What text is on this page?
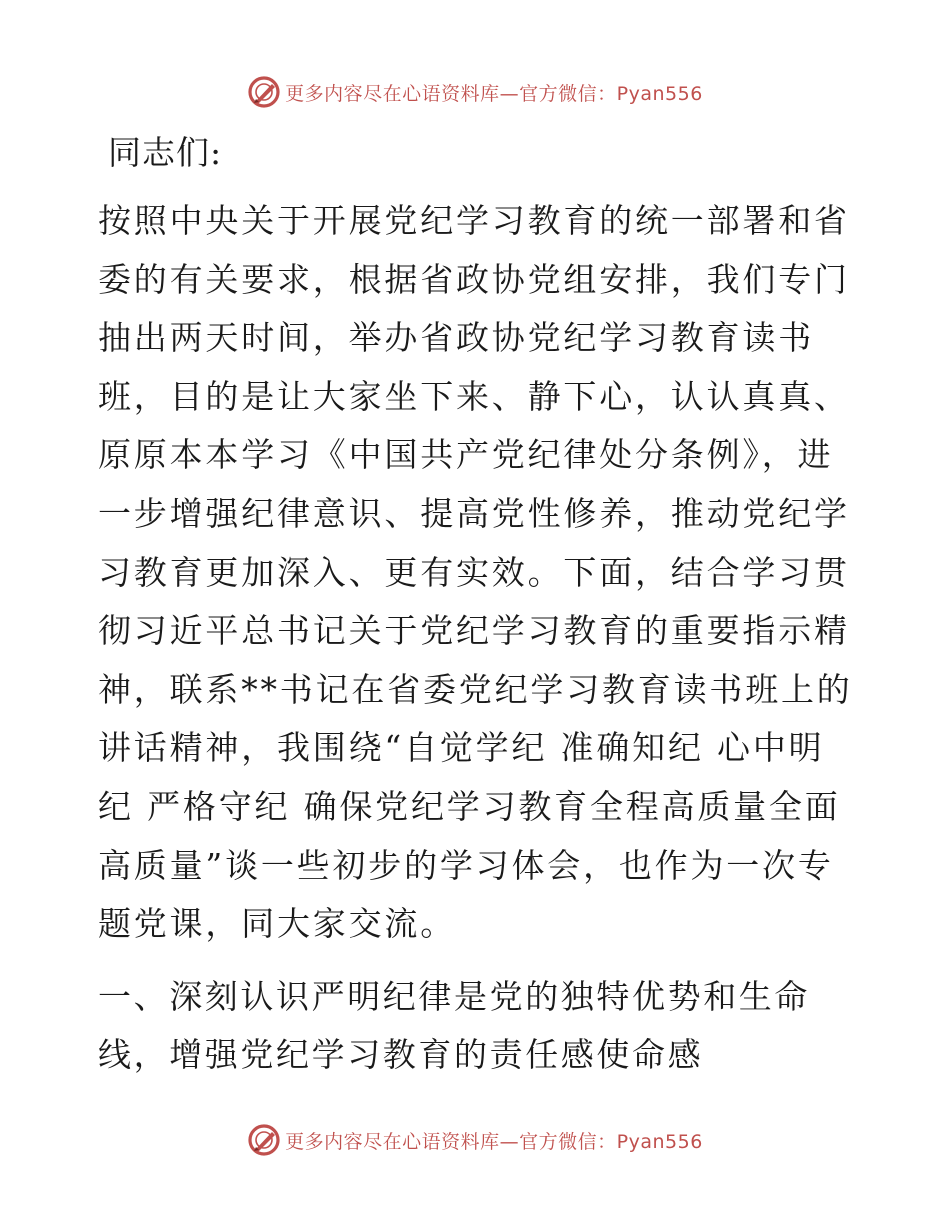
更多内容尽在心语资料库—官方微信：Pyan556
同志们:

按照中央关于开展党纪学习教育的统一部署和省委的有关要求，根据省政协党组安排，我们专门抽出两天时间，举办省政协党纪学习教育读书班，目的是让大家坐下来、静下心，认认真真、原原本本学习《中国共产党纪律处分条例》，进一步增强纪律意识、提高党性修养，推动党纪学习教育更加深入、更有实效。下面，结合学习贯彻习近平总书记关于党纪学习教育的重要指示精神，联系**书记在省委党纪学习教育读书班上的讲话精神，我围绕“自觉学纪 准确知纪 心中明纪 严格守纪 确保党纪学习教育全程高质量全面高质量”谈一些初步的学习体会，也作为一次专题党课，同大家交流。

一、深刻认识严明纪律是党的独特优势和生命线，增强党纪学习教育的责任感使命感

更多内容尽在心语资料库—官方微信：Pyan556
